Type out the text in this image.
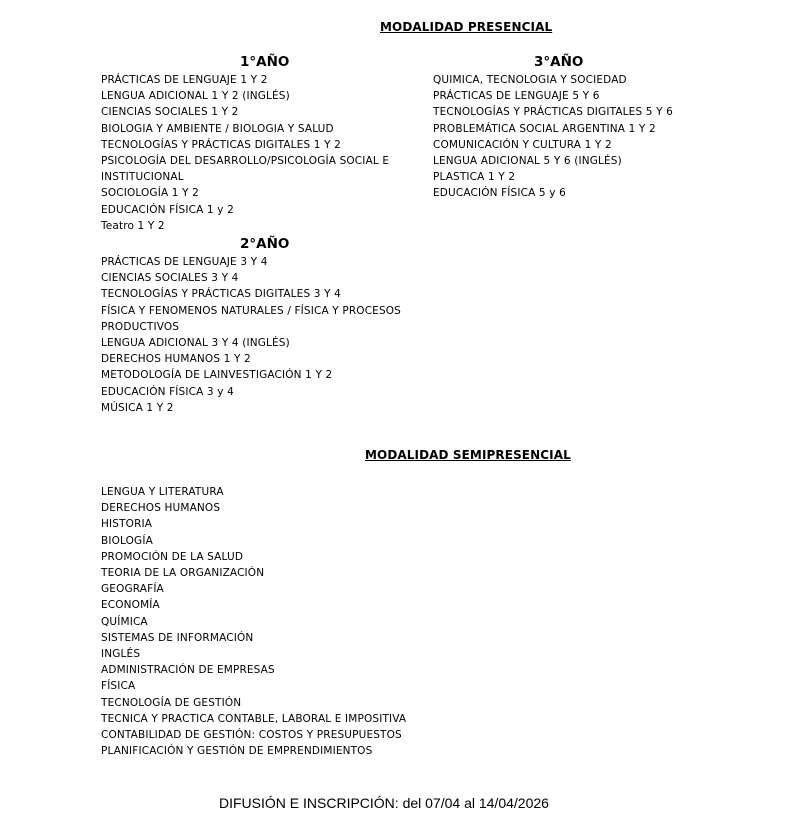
MODALIDAD PRESENCIAL
1°AÑO
PRÁCTICAS DE LENGUAJE 1 Y 2
LENGUA ADICIONAL 1 Y 2 (INGLÉS)
CIENCIAS SOCIALES 1 Y 2
BIOLOGIA Y AMBIENTE / BIOLOGIA Y SALUD
TECNOLOGÍAS Y PRÁCTICAS DIGITALES 1 Y 2
PSICOLOGÍA DEL DESARROLLO/PSICOLOGÍA SOCIAL E
INSTITUCIONAL
SOCIOLOGÍA 1 Y 2
EDUCACIÓN FÍSICA 1 y 2
Teatro 1 Y 2
3°AÑO
QUIMICA, TECNOLOGIA Y SOCIEDAD
PRÁCTICAS DE LENGUAJE 5 Y 6
TECNOLOGÍAS Y PRÁCTICAS DIGITALES 5 Y 6
PROBLEMÁTICA SOCIAL ARGENTINA 1 Y 2
COMUNICACIÓN Y CULTURA 1 Y 2
LENGUA ADICIONAL 5 Y 6 (INGLÉS)
PLASTICA 1 Y 2
EDUCACIÓN FÍSICA 5 y 6
2°AÑO
PRÁCTICAS DE LENGUAJE 3 Y 4
CIENCIAS SOCIALES 3 Y 4
TECNOLOGÍAS Y PRÁCTICAS DIGITALES 3 Y 4
FÍSICA Y FENOMENOS NATURALES / FÍSICA Y PROCESOS
PRODUCTIVOS
LENGUA ADICIONAL 3 Y 4 (INGLÉS)
DERECHOS HUMANOS 1 Y 2
METODOLOGÍA DE LAINVESTIGACIÓN 1 Y 2
EDUCACIÓN FÍSICA 3 y 4
MÚSICA 1 Y 2
MODALIDAD SEMIPRESENCIAL
LENGUA Y LITERATURA
DERECHOS HUMANOS
HISTORIA
BIOLOGÍA
PROMOCIÓN DE LA SALUD
TEORIA DE LA ORGANIZACIÓN
GEOGRAFÍA
ECONOMÍA
QUÍMICA
SISTEMAS DE INFORMACIÓN
INGLÉS
ADMINISTRACIÓN DE EMPRESAS
FÍSICA
TECNOLOGÍA DE GESTIÓN
TECNICA Y PRACTICA CONTABLE, LABORAL E IMPOSITIVA
CONTABILIDAD DE GESTIÓN: COSTOS Y PRESUPUESTOS
PLANIFICACIÓN Y GESTIÓN DE EMPRENDIMIENTOS
DIFUSIÓN E INSCRIPCIÓN: del 07/04 al 14/04/2026
